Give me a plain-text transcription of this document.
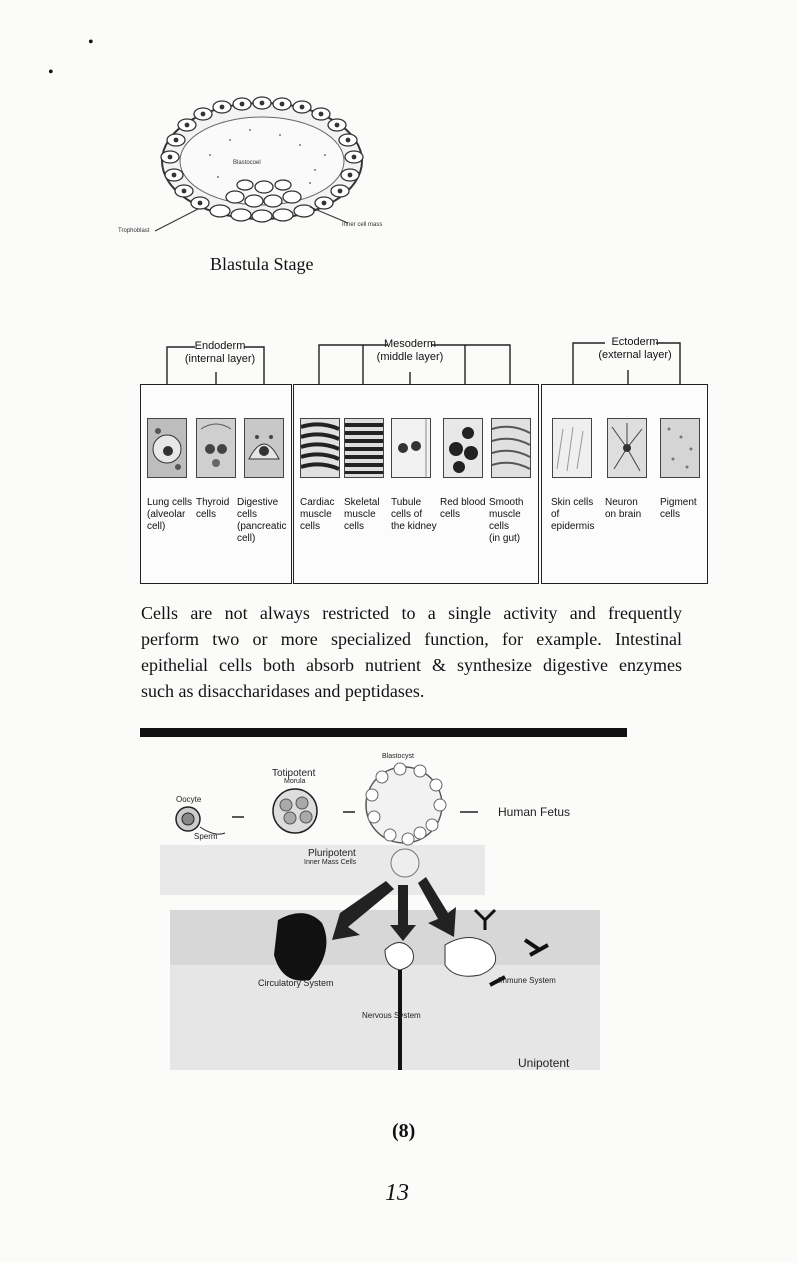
•
•
Blastocoel
Trophoblast
Inner cell mass
Blastula Stage
Endoderm
(internal layer)
Mesoderm
(middle layer)
Ectoderm
(external layer)
Lung cells
(alveolar
cell)
Thyroid
cells
Digestive
cells
(pancreatic
cell)
Cardiac
muscle
cells
Skeletal
muscle
cells
Tubule
cells of
the kidney
Red blood
cells
Smooth
muscle
cells
(in gut)
Skin cells
of
epidermis
Neuron
on brain
Pigment
cells
Cells are not always restricted to a single activity and frequently
perform two or more specialized function, for example. Intestinal
epithelial cells both absorb nutrient & synthesize digestive enzymes
such as disaccharidases and peptidases.
Oocyte
Sperm
Totipotent
Morula
Blastocyst
Human Fetus
Pluripotent
Inner Mass Cells
Circulatory System
Nervous System
Immune System
Unipotent
(8)
13
